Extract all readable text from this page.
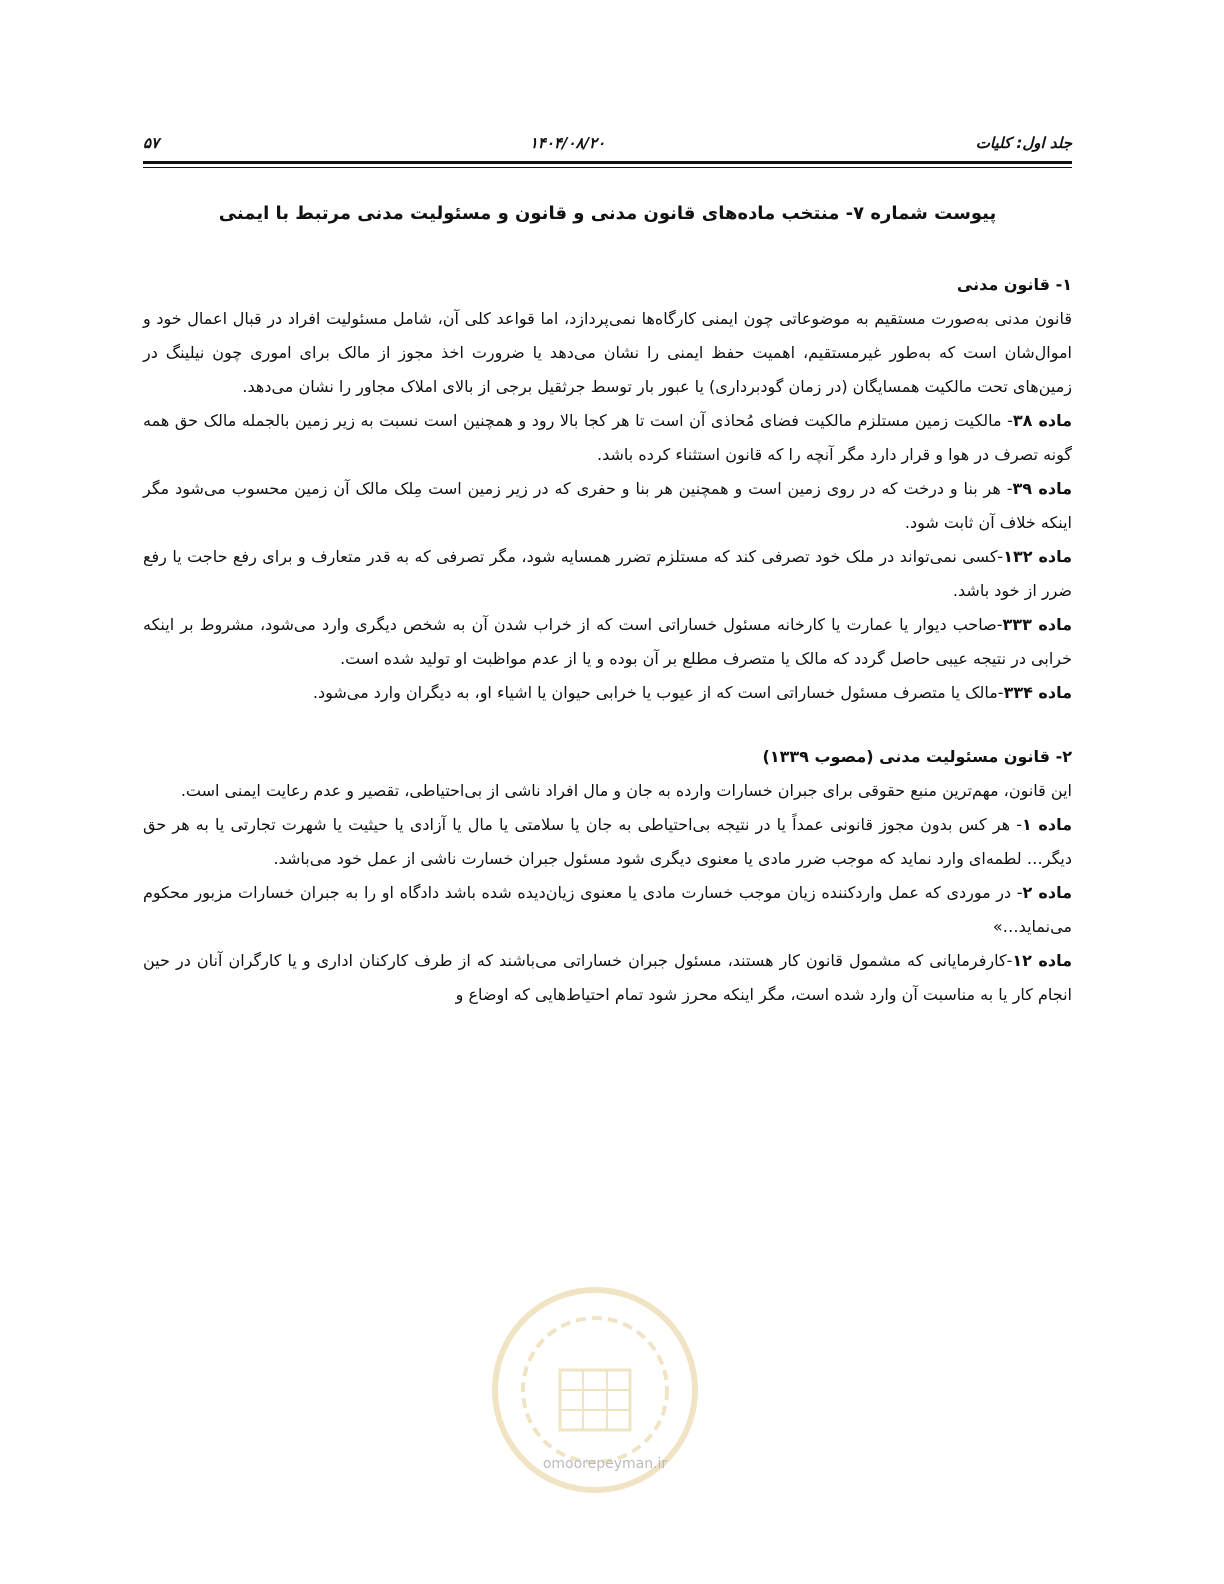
جلد اول: کلیات
۱۴۰۴/۰۸/۲۰
۵۷
پیوست شماره ۷- منتخب ماده‌های قانون مدنی و قانون و مسئولیت مدنی مرتبط با ایمنی

۱- قانون مدنی

قانون مدنی به‌صورت مستقیم به موضوعاتی چون ایمنی کارگاه‌ها نمی‌پردازد، اما قواعد کلی آن، شامل مسئولیت افراد در قبال اعمال خود و اموال‌شان است که به‌طور غیرمستقیم، اهمیت حفظ ایمنی را نشان می‌دهد یا ضرورت اخذ مجوز از مالک برای اموری چون نیلینگ در زمین‌های تحت مالکیت همسایگان (در زمان گودبرداری) یا عبور بار توسط جرثقیل برجی از بالای املاک مجاور را نشان می‌دهد.

ماده ۳۸- مالکیت زمین مستلزم مالکیت فضای مُحاذی آن است تا هر کجا بالا رود و همچنین است نسبت به زیر زمین بالجمله مالک حق همه گونه تصرف در هوا و قرار دارد مگر آنچه را که قانون استثناء کرده باشد.

ماده ۳۹- هر بنا و درخت که در روی زمین است و همچنین هر بنا و حفری که در زیر زمین است مِلک مالک آن زمین محسوب می‌شود مگر اینکه خلاف آن ثابت شود.

ماده ۱۳۲-کسی نمی‌تواند در ملک خود تصرفی کند که مستلزم تضرر همسایه شود، مگر تصرفی که به قدر متعارف و برای رفع حاجت یا رفع ضرر از خود باشد.

ماده ۳۳۳-صاحب دیوار یا عمارت یا کارخانه مسئول خساراتی است که از خراب شدن آن به شخص دیگری وارد می‌شود، مشروط بر اینکه خرابی در نتیجه عیبی حاصل گردد که مالک یا متصرف مطلع بر آن بوده و یا از عدم مواظبت او تولید شده است.

ماده ۳۳۴-مالک یا متصرف مسئول خساراتی است که از عیوب یا خرابی حیوان یا اشیاء او، به دیگران وارد می‌شود.

۲- قانون مسئولیت مدنی (مصوب ۱۳۳۹)

این قانون، مهم‌ترین منبع حقوقی برای جبران خسارات وارده به جان و مال افراد ناشی از بی‌احتیاطی، تقصیر و عدم رعایت ایمنی است.

ماده ۱- هر کس بدون مجوز قانونی عمداً یا در نتیجه بی‌احتیاطی به جان یا سلامتی یا مال یا آزادی یا حیثیت یا شهرت تجارتی یا به هر حق دیگر… لطمه‌ای وارد نماید که موجب ضرر مادی یا معنوی دیگری شود مسئول جبران خسارت ناشی از عمل خود می‌باشد.

ماده ۲- در موردی که عمل واردکننده زیان موجب خسارت مادی یا معنوی زیان‌دیده شده باشد دادگاه او را به جبران خسارات مزبور محکوم می‌نماید…»

ماده ۱۲-کارفرمایانی که مشمول قانون کار هستند، مسئول جبران خساراتی می‌باشند که از طرف کارکنان اداری و یا کارگران آنان در حین انجام کار یا به مناسبت آن وارد شده است، مگر اینکه محرز شود تمام احتیاط‌هایی که اوضاع و

omoorepeyman.ir
